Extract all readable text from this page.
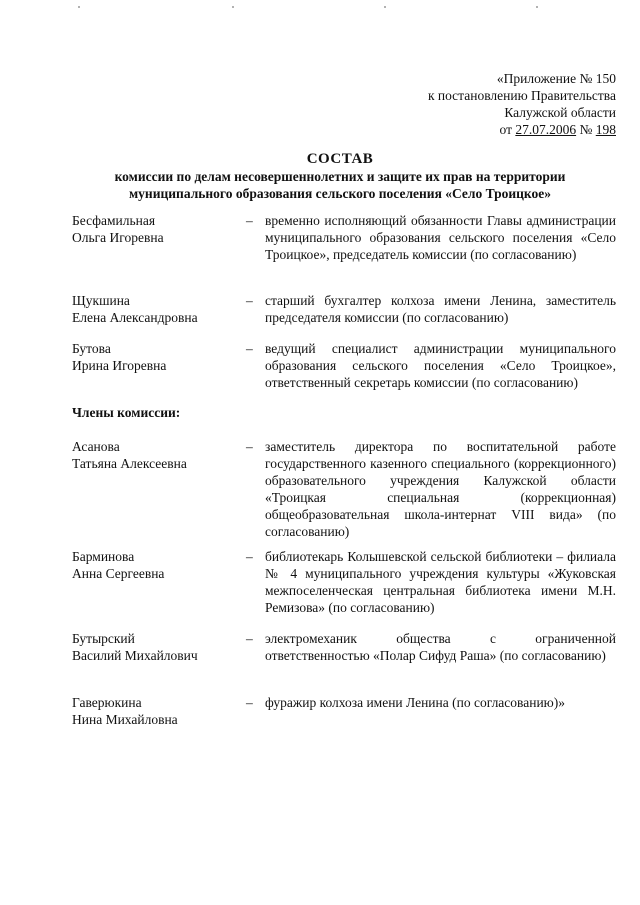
«Приложение № 150
к постановлению Правительства
Калужской области
от 27.07.2006 № 198
СОСТАВ
комиссии по делам несовершеннолетних и защите их прав на территории
муниципального образования сельского поселения «Село Троицкое»
Бесфамильная
Ольга Игоревна
– временно исполняющий обязанности Главы администрации муниципального образования сельского поселения «Село Троицкое», председатель комиссии (по согласованию)
Щукшина
Елена Александровна
– старший бухгалтер колхоза имени Ленина, заместитель председателя комиссии (по согласованию)
Бутова
Ирина Игоревна
– ведущий специалист администрации муниципального образования сельского поселения «Село Троицкое», ответственный секретарь комиссии (по согласованию)
Члены комиссии:
Асанова
Татьяна Алексеевна
– заместитель директора по воспитательной работе государственного казенного специального (коррекционного) образовательного учреждения Калужской области «Троицкая специальная (коррекционная) общеобразовательная школа-интернат VIII вида» (по согласованию)
Барминова
Анна Сергеевна
– библиотекарь Колышевской сельской библиотеки – филиала № 4 муниципального учреждения культуры «Жуковская межпоселенческая центральная библиотека имени М.Н. Ремизова» (по согласованию)
Бутырский
Василий Михайлович
– электромеханик общества с ограниченной ответственностью «Полар Сифуд Раша» (по согласованию)
Гаверюкина
Нина Михайловна
– фуражир колхоза имени Ленина (по согласованию)»
